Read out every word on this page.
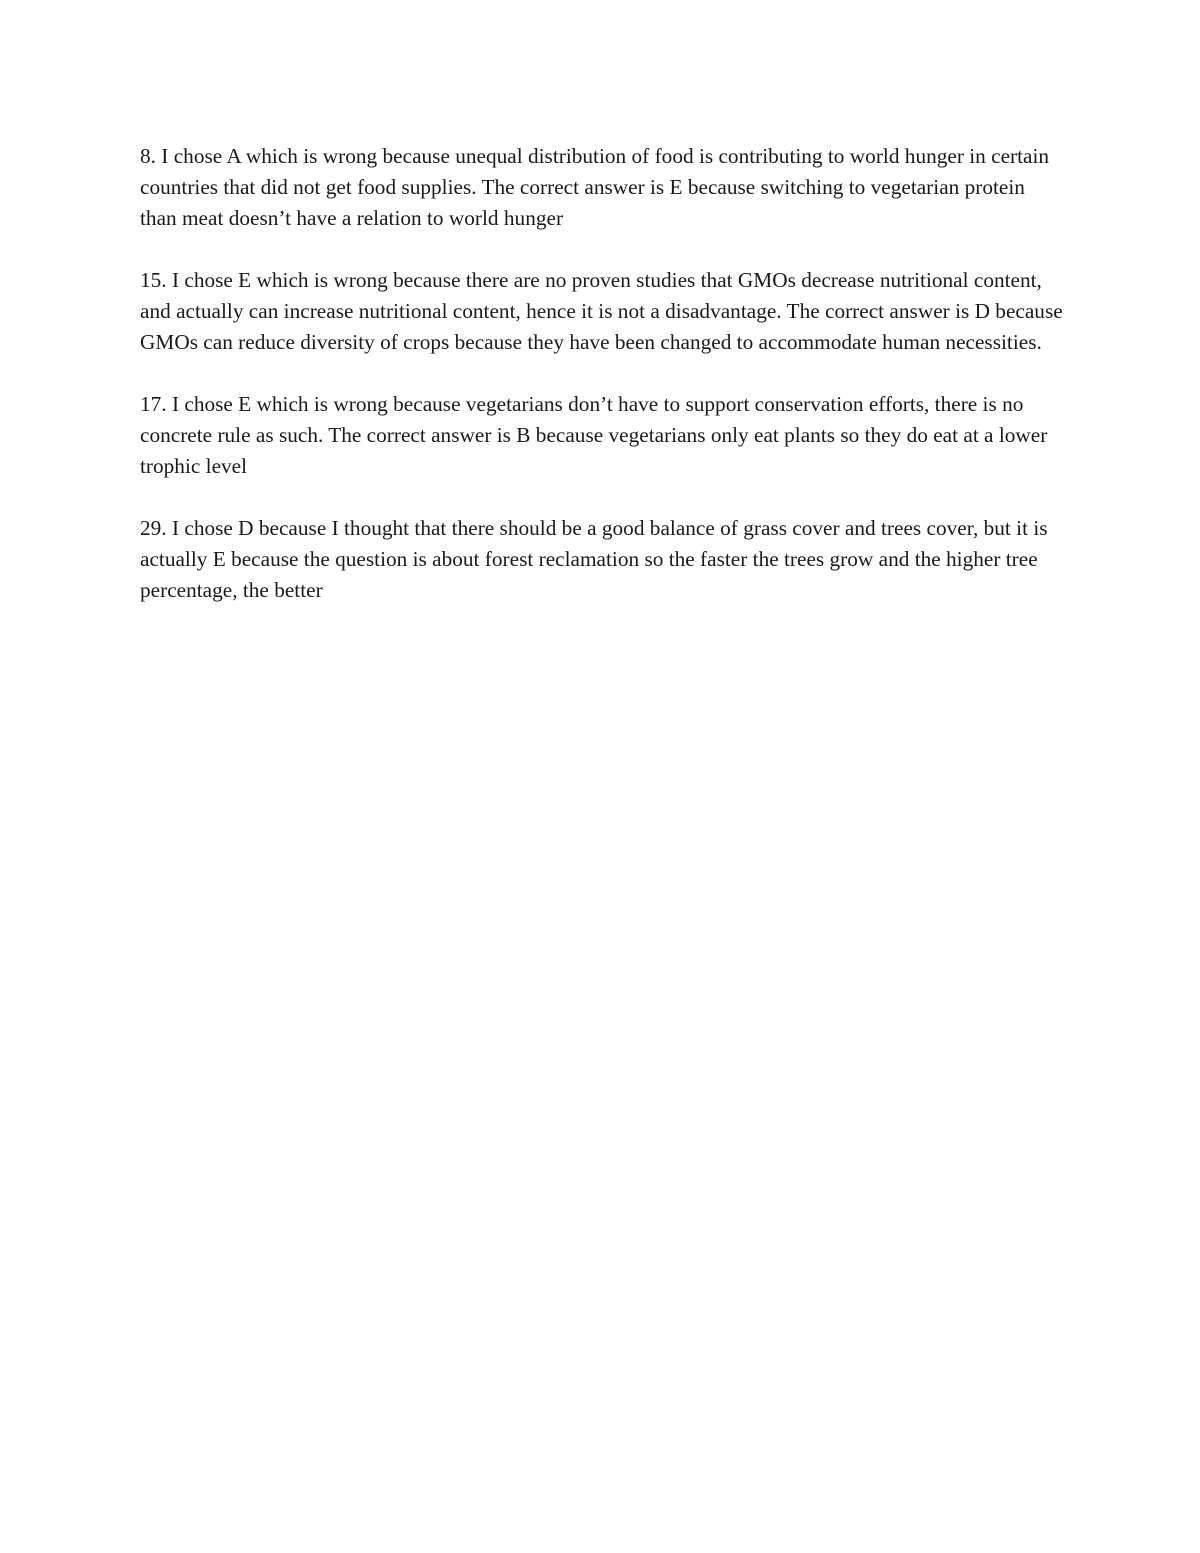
8. I chose A which is wrong because unequal distribution of food is contributing to world hunger in certain countries that did not get food supplies. The correct answer is E because switching to vegetarian protein than meat doesn’t have a relation to world hunger

15. I chose E which is wrong because there are no proven studies that GMOs decrease nutritional content, and actually can increase nutritional content, hence it is not a disadvantage. The correct answer is D because GMOs can reduce diversity of crops because they have been changed to accommodate human necessities.

17. I chose E which is wrong because vegetarians don’t have to support conservation efforts, there is no concrete rule as such. The correct answer is B because vegetarians only eat plants so they do eat at a lower trophic level

29. I chose D because I thought that there should be a good balance of grass cover and trees cover, but it is actually E because the question is about forest reclamation so the faster the trees grow and the higher tree percentage, the better
